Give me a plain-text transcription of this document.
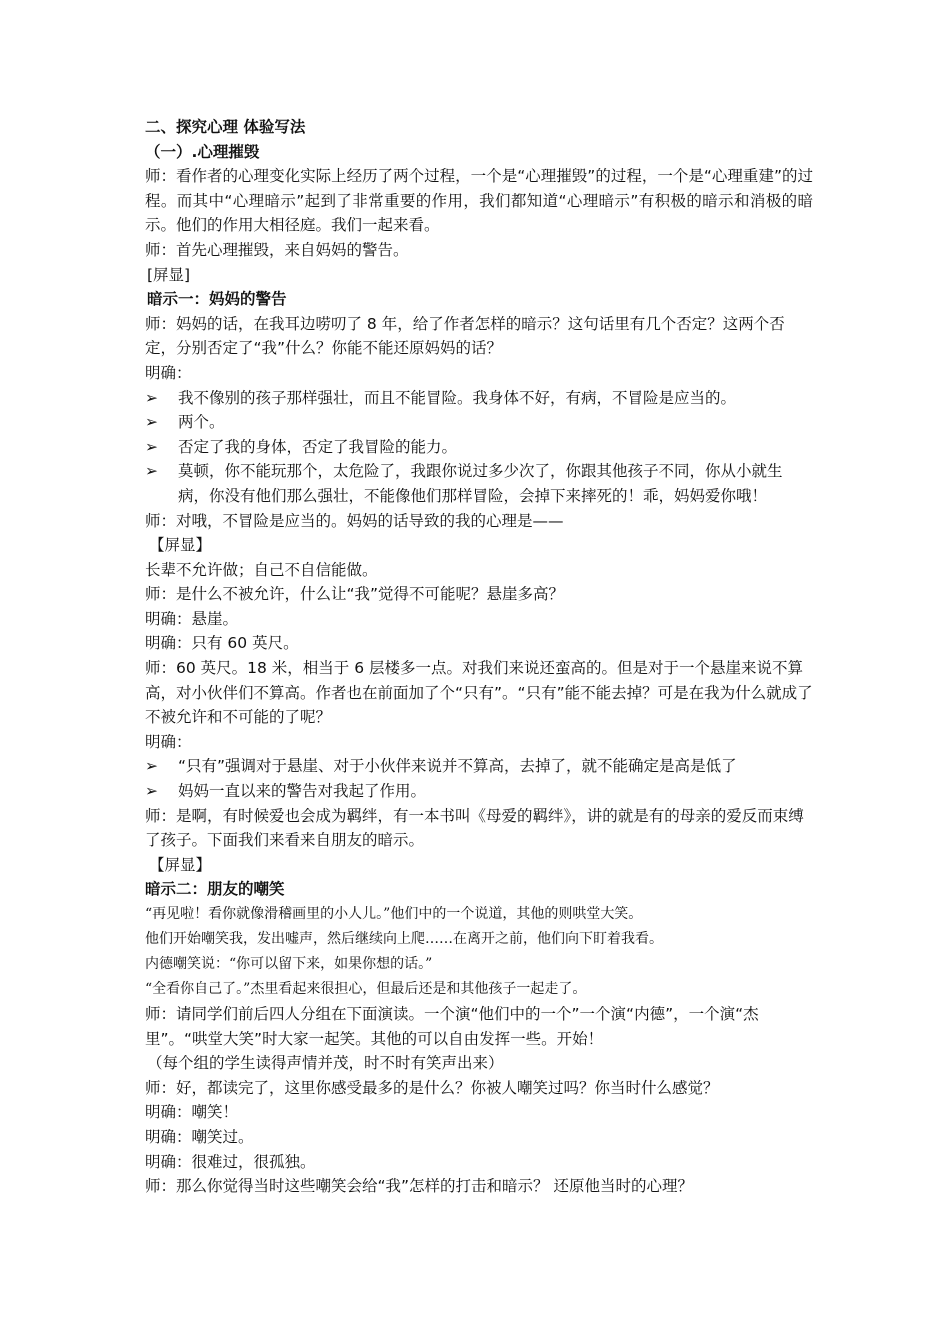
二、探究心理 体验写法
（一）.心理摧毁
师：看作者的心理变化实际上经历了两个过程，一个是“心理摧毁”的过程，一个是“心理重建”的过程。而其中“心理暗示”起到了非常重要的作用，我们都知道“心理暗示”有积极的暗示和消极的暗示。他们的作用大相径庭。我们一起来看。
师：首先心理摧毁，来自妈妈的警告。
[屏显]
暗示一：妈妈的警告
师：妈妈的话，在我耳边唠叨了 8 年，给了作者怎样的暗示？这句话里有几个否定？这两个否定，分别否定了“我”什么？你能不能还原妈妈的话？
明确：
➢	我不像别的孩子那样强壮，而且不能冒险。我身体不好，有病，不冒险是应当的。
➢	两个。
➢	否定了我的身体，否定了我冒险的能力。
➢	莫顿，你不能玩那个，太危险了，我跟你说过多少次了，你跟其他孩子不同，你从小就生病，你没有他们那么强壮，不能像他们那样冒险，会掉下来摔死的！乖，妈妈爱你哦！
师：对哦，不冒险是应当的。妈妈的话导致的我的心理是——
【屏显】
长辈不允许做；自己不自信能做。
师：是什么不被允许，什么让“我”觉得不可能呢？悬崖多高？
明确：悬崖。
明确：只有 60 英尺。
师：60 英尺。18 米，相当于 6 层楼多一点。对我们来说还蛮高的。但是对于一个悬崖来说不算高，对小伙伴们不算高。作者也在前面加了个“只有”。“只有”能不能去掉？可是在我为什么就成了不被允许和不可能的了呢？
明确：
➢	“只有”强调对于悬崖、对于小伙伴来说并不算高，去掉了，就不能确定是高是低了
➢	妈妈一直以来的警告对我起了作用。
师：是啊，有时候爱也会成为羁绊，有一本书叫《母爱的羁绊》，讲的就是有的母亲的爱反而束缚了孩子。下面我们来看来自朋友的暗示。
【屏显】
暗示二：朋友的嘲笑
“再见啦！看你就像滑稽画里的小人儿。”他们中的一个说道，其他的则哄堂大笑。
他们开始嘲笑我，发出嘘声，然后继续向上爬……在离开之前，他们向下盯着我看。
内德嘲笑说：“你可以留下来，如果你想的话。”
“全看你自己了。”杰里看起来很担心，但最后还是和其他孩子一起走了。
师：请同学们前后四人分组在下面演读。一个演“他们中的一个”一个演“内德”，一个演“杰里”。“哄堂大笑”时大家一起笑。其他的可以自由发挥一些。开始！
（每个组的学生读得声情并茂，时不时有笑声出来）
师：好，都读完了，这里你感受最多的是什么？你被人嘲笑过吗？你当时什么感觉？
明确：嘲笑！
明确：嘲笑过。
明确：很难过，很孤独。
师：那么你觉得当时这些嘲笑会给“我”怎样的打击和暗示？ 还原他当时的心理？
